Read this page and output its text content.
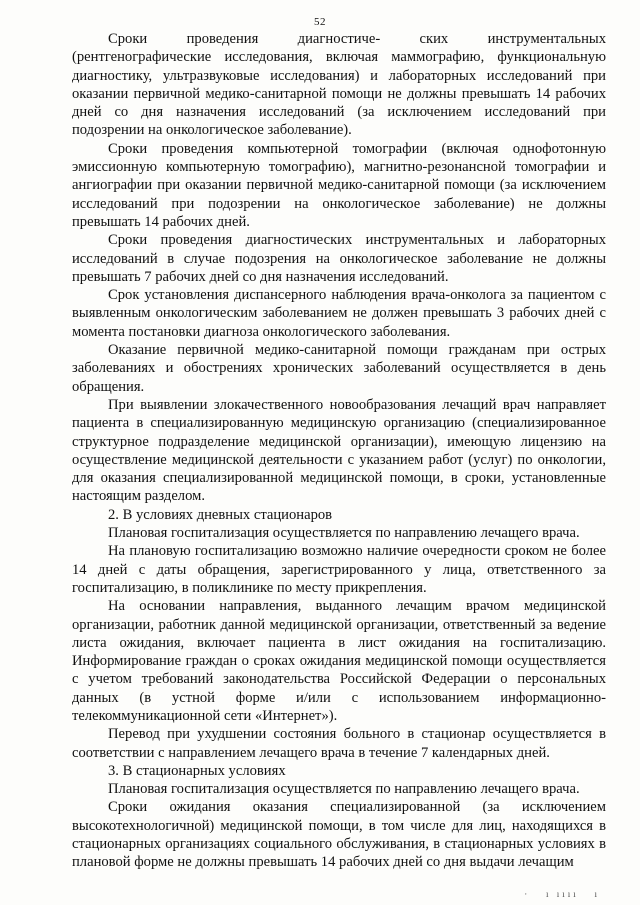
52

Сроки проведения диагностиче- ских инструментальных (рентгенографические исследования, включая маммографию, функциональную диагностику, ультразвуковые исследования) и лабораторных исследований при оказании первичной медико-санитарной помощи не должны превышать 14 рабочих дней со дня назначения исследований (за исключением исследований при подозрении на онкологическое заболевание).

Сроки проведения компьютерной томографии (включая однофотонную эмиссионную компьютерную томографию), магнитно-резонансной томографии и ангиографии при оказании первичной медико-санитарной помощи (за исключением исследований при подозрении на онкологическое заболевание) не должны превышать 14 рабочих дней.

Сроки проведения диагностических инструментальных и лабораторных исследований в случае подозрения на онкологическое заболевание не должны превышать 7 рабочих дней со дня назначения исследований.

Срок установления диспансерного наблюдения врача-онколога за пациентом с выявленным онкологическим заболеванием не должен превышать 3 рабочих дней с момента постановки диагноза онкологического заболевания.

Оказание первичной медико-санитарной помощи гражданам при острых заболеваниях и обострениях хронических заболеваний осуществляется в день обращения.

При выявлении злокачественного новообразования лечащий врач направляет пациента в специализированную медицинскую организацию (специализированное структурное подразделение медицинской организации), имеющую лицензию на осуществление медицинской деятельности с указанием работ (услуг) по онкологии, для оказания специализированной медицинской помощи, в сроки, установленные настоящим разделом.

2. В условиях дневных стационаров

Плановая госпитализация осуществляется по направлению лечащего врача.

На плановую госпитализацию возможно наличие очередности сроком не более 14 дней с даты обращения, зарегистрированного у лица, ответственного за госпитализацию, в поликлинике по месту прикрепления.

На основании направления, выданного лечащим врачом медицинской организации, работник данной медицинской организации, ответственный за ведение листа ожидания, включает пациента в лист ожидания на госпитализацию. Информирование граждан о сроках ожидания медицинской помощи осуществляется с учетом требований законодательства Российской Федерации о персональных данных (в устной форме и/или с использованием информационно-телекоммуникационной сети «Интернет»).

Перевод при ухудшении состояния больного в стационар осуществляется в соответствии с направлением лечащего врача в течение 7 календарных дней.

3. В стационарных условиях

Плановая госпитализация осуществляется по направлению лечащего врача.

Сроки ожидания оказания специализированной (за исключением высокотехнологичной) медицинской помощи, в том числе для лиц, находящихся в стационарных организациях социального обслуживания, в стационарных условиях в плановой форме не должны превышать 14 рабочих дней со дня выдачи лечащим

·   ı ıııı   ı
